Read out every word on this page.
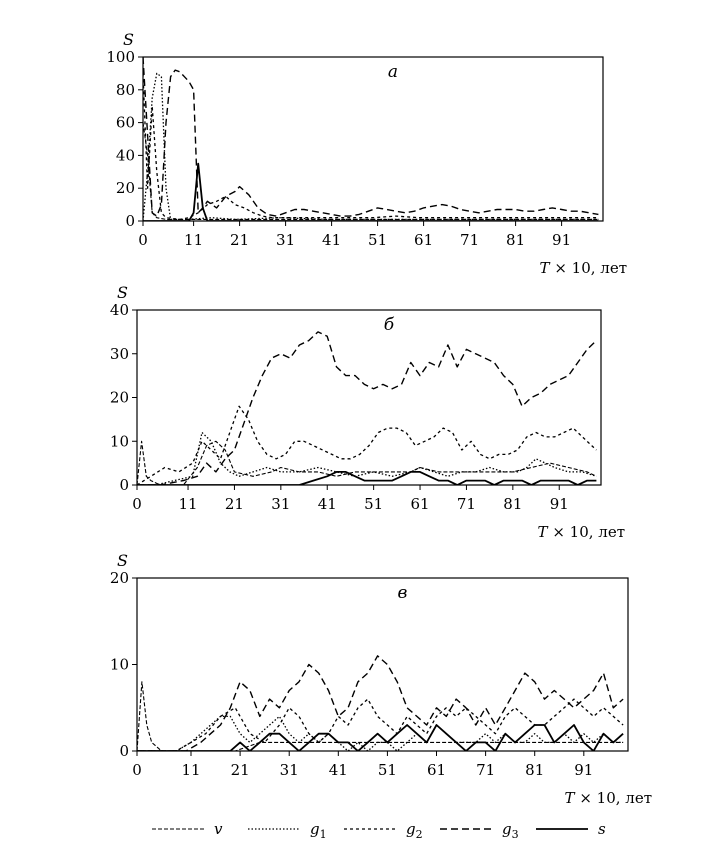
0
20
40
60
80
100
0 11 21 31 41 51 61 71 81 91
S
T × 10, лет
а
0
10
20
30
40
0 11 21 31 41 51 61 71 81 91
S
T × 10, лет
б
0
10
20
0	11 21 31 41 51 61 71 81 91
S
T × 10, лет
в
v	$g_1$	$g_2$	$g_3$	s
